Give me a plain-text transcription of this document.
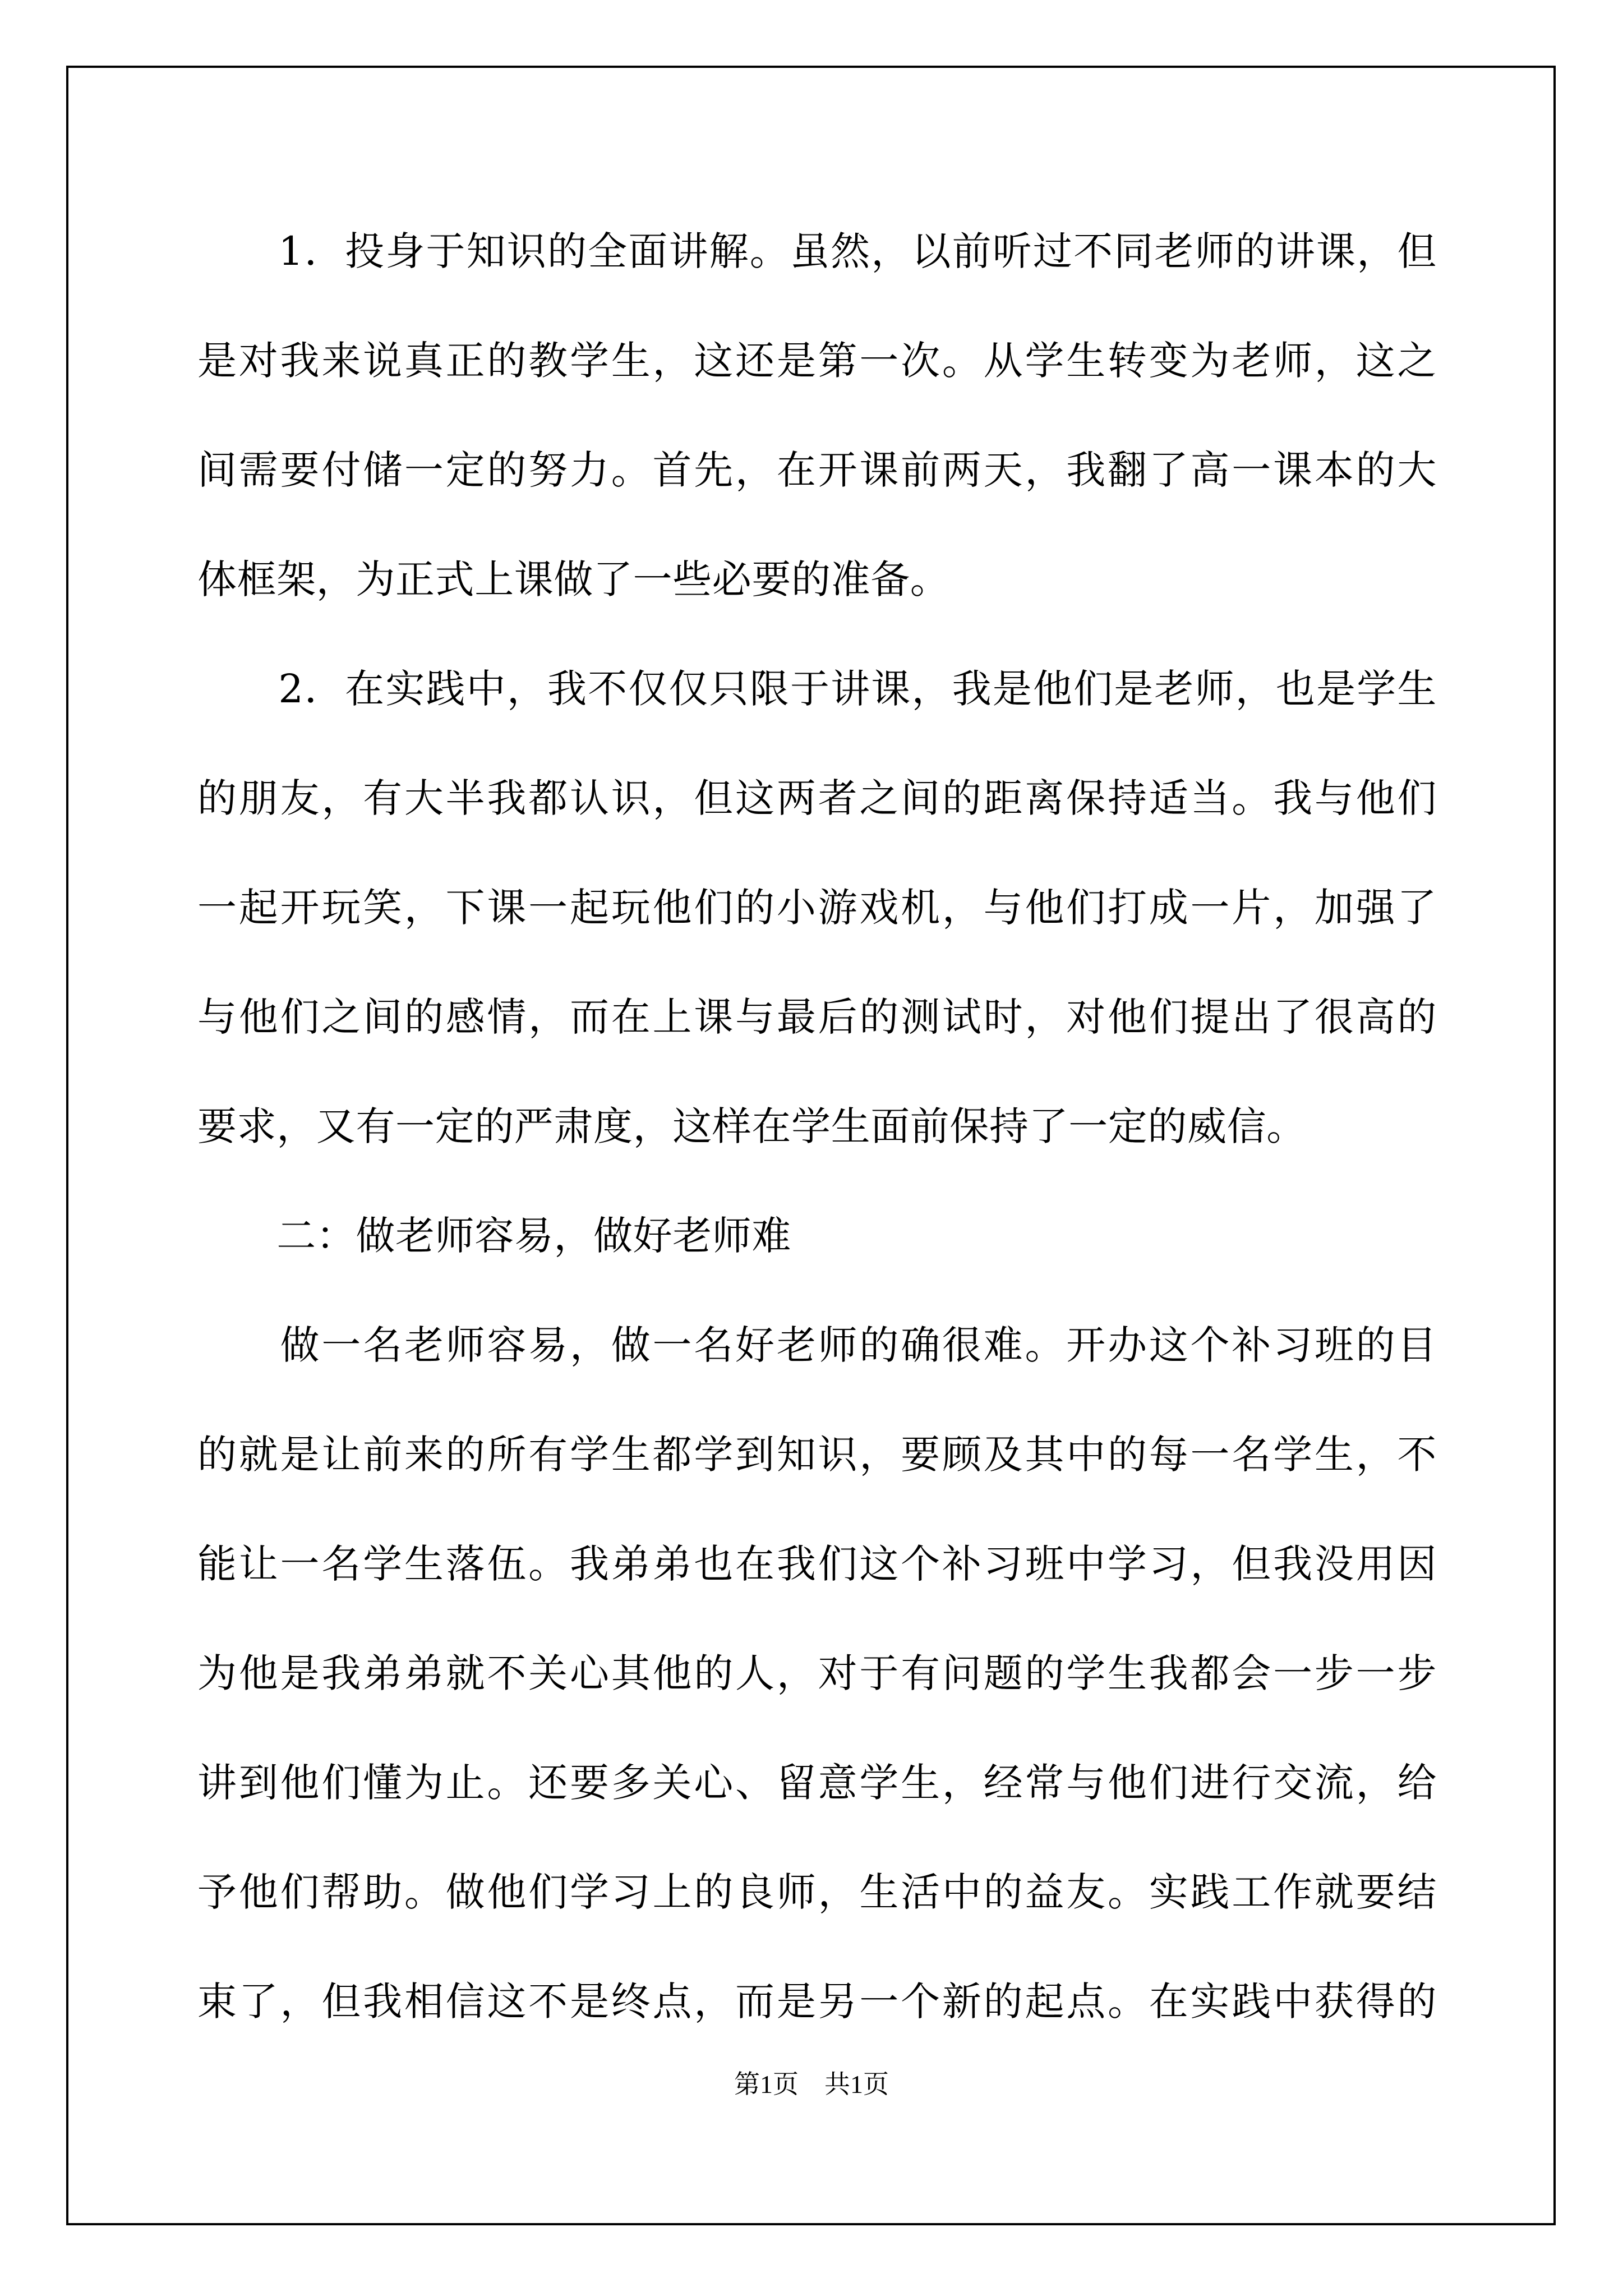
　　1．投身于知识的全面讲解。虽然，以前听过不同老师的讲课，但
是对我来说真正的教学生，这还是第一次。从学生转变为老师，这之
间需要付储一定的努力。首先，在开课前两天，我翻了高一课本的大
体框架，为正式上课做了一些必要的准备。
　　2．在实践中，我不仅仅只限于讲课，我是他们是老师，也是学生
的朋友，有大半我都认识，但这两者之间的距离保持适当。我与他们
一起开玩笑，下课一起玩他们的小游戏机，与他们打成一片，加强了
与他们之间的感情，而在上课与最后的测试时，对他们提出了很高的
要求，又有一定的严肃度，这样在学生面前保持了一定的威信。
　　二：做老师容易，做好老师难
　　做一名老师容易，做一名好老师的确很难。开办这个补习班的目
的就是让前来的所有学生都学到知识，要顾及其中的每一名学生，不
能让一名学生落伍。我弟弟也在我们这个补习班中学习，但我没用因
为他是我弟弟就不关心其他的人，对于有问题的学生我都会一步一步
讲到他们懂为止。还要多关心、留意学生，经常与他们进行交流，给
予他们帮助。做他们学习上的良师，生活中的益友。实践工作就要结
束了，但我相信这不是终点，而是另一个新的起点。在实践中获得的
第1页　共1页
